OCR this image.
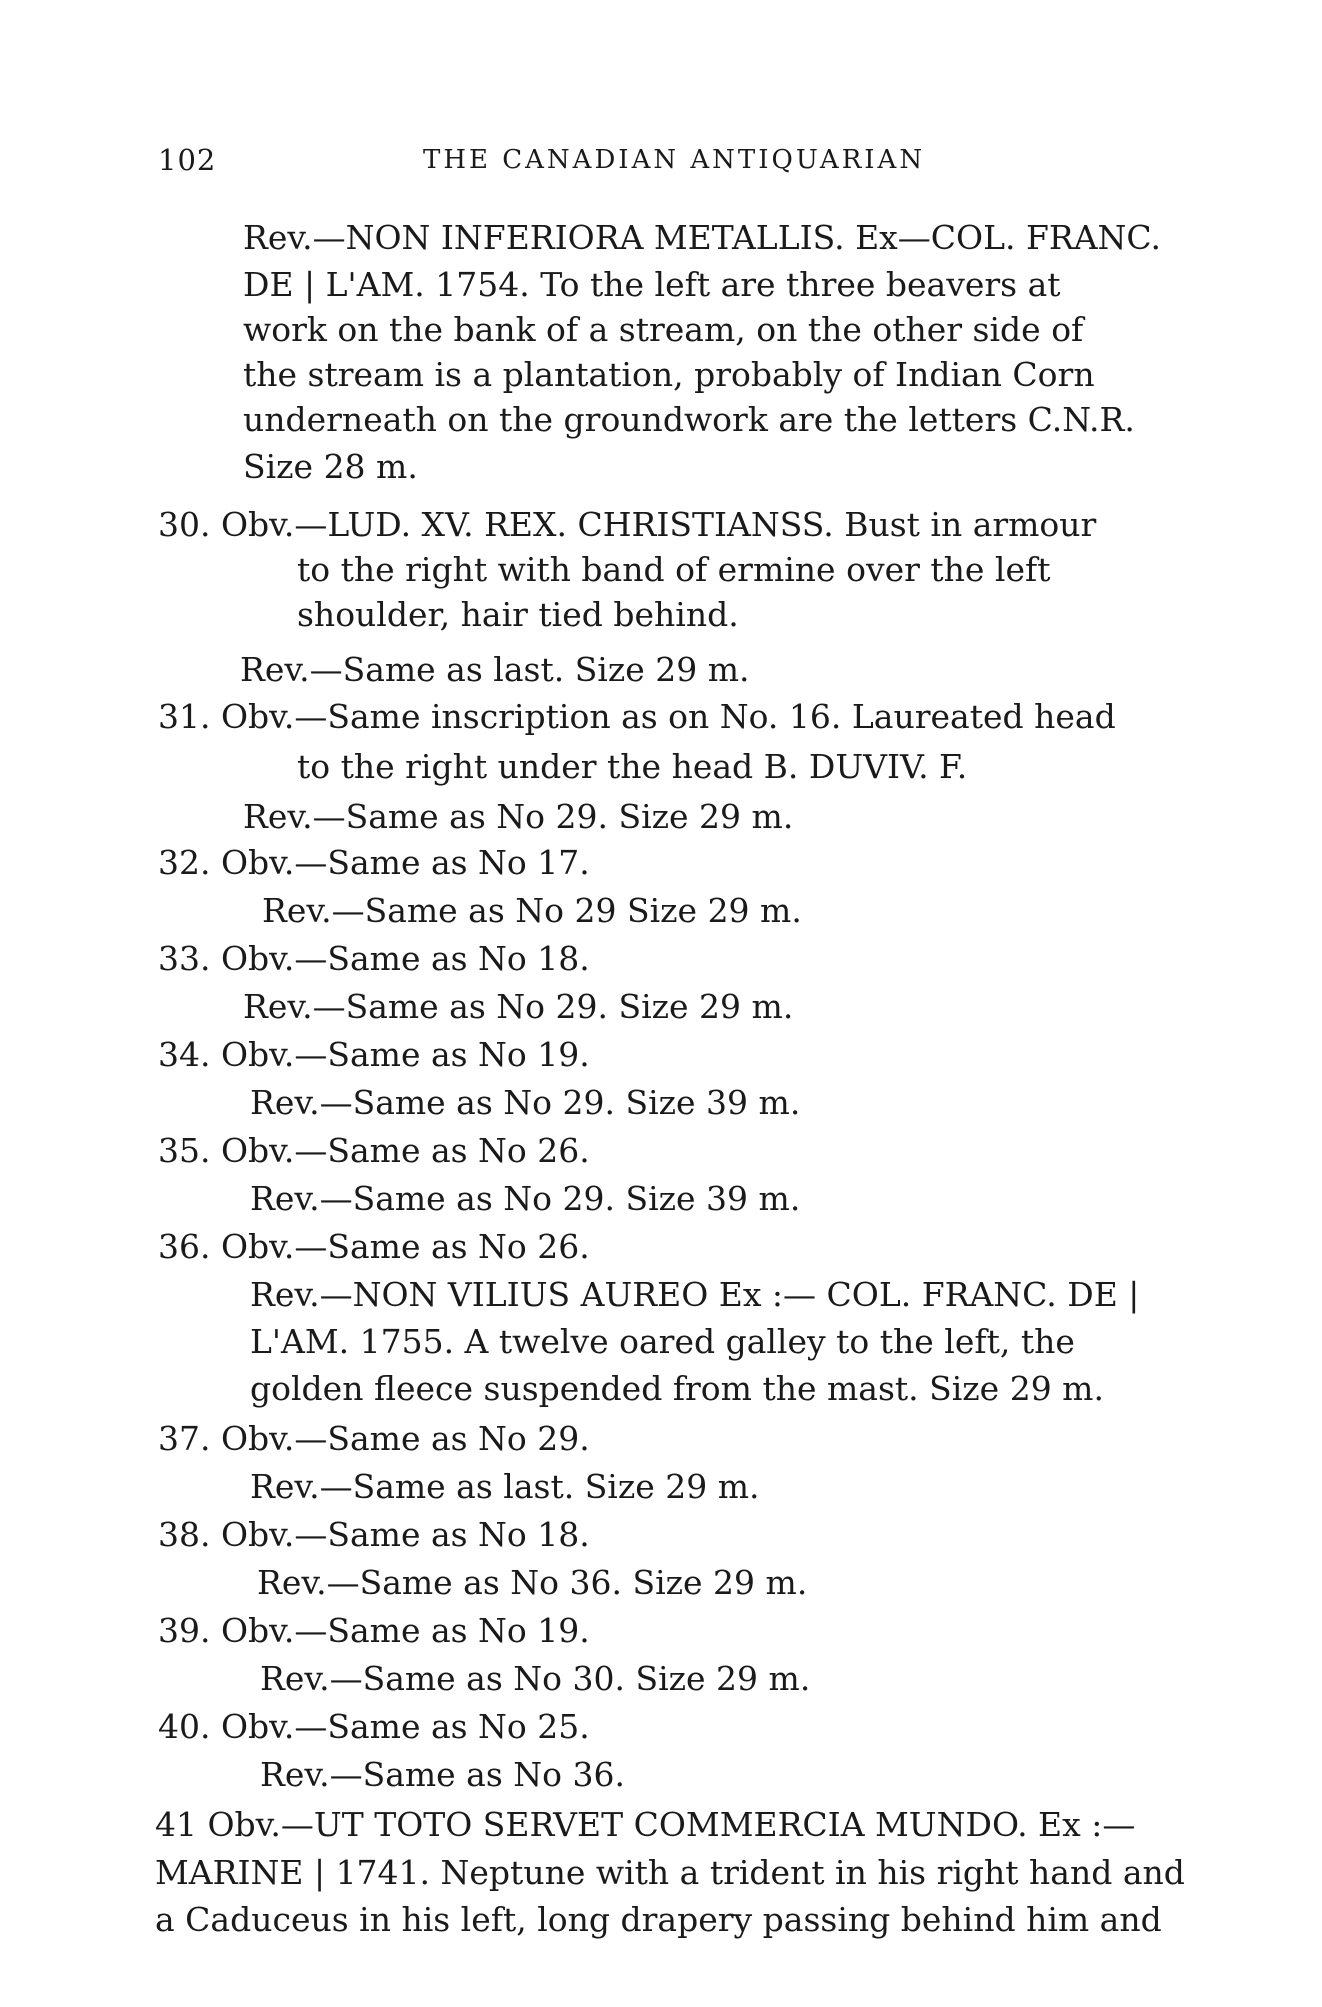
102	THE CANADIAN ANTIQUARIAN
Rev.—NON INFERIORA METALLIS. Ex—COL. FRANC.
DE | L'AM. 1754. To the left are three beavers at
work on the bank of a stream, on the other side of
the stream is a plantation, probably of Indian Corn
underneath on the groundwork are the letters C.N.R.
Size 28 m.
30. Obv.—LUD. XV. REX. CHRISTIANSS. Bust in armour
to the right with band of ermine over the left
shoulder, hair tied behind.
Rev.—Same as last. Size 29 m.
31. Obv.—Same inscription as on No. 16. Laureated head
to the right under the head B. DUVIV. F.
Rev.—Same as No 29. Size 29 m.
32. Obv.—Same as No 17.
Rev.—Same as No 29 Size 29 m.
33. Obv.—Same as No 18.
Rev.—Same as No 29. Size 29 m.
34. Obv.—Same as No 19.
Rev.—Same as No 29. Size 39 m.
35. Obv.—Same as No 26.
Rev.—Same as No 29. Size 39 m.
36. Obv.—Same as No 26.
Rev.—NON VILIUS AUREO Ex :— COL. FRANC. DE |
L'AM. 1755. A twelve oared galley to the left, the
golden fleece suspended from the mast. Size 29 m.
37. Obv.—Same as No 29.
Rev.—Same as last. Size 29 m.
38. Obv.—Same as No 18.
Rev.—Same as No 36. Size 29 m.
39. Obv.—Same as No 19.
Rev.—Same as No 30. Size 29 m.
40. Obv.—Same as No 25.
Rev.—Same as No 36.
41 Obv.—UT TOTO SERVET COMMERCIA MUNDO. Ex :—
MARINE | 1741. Neptune with a trident in his right hand and
a Caduceus in his left, long drapery passing behind him and
